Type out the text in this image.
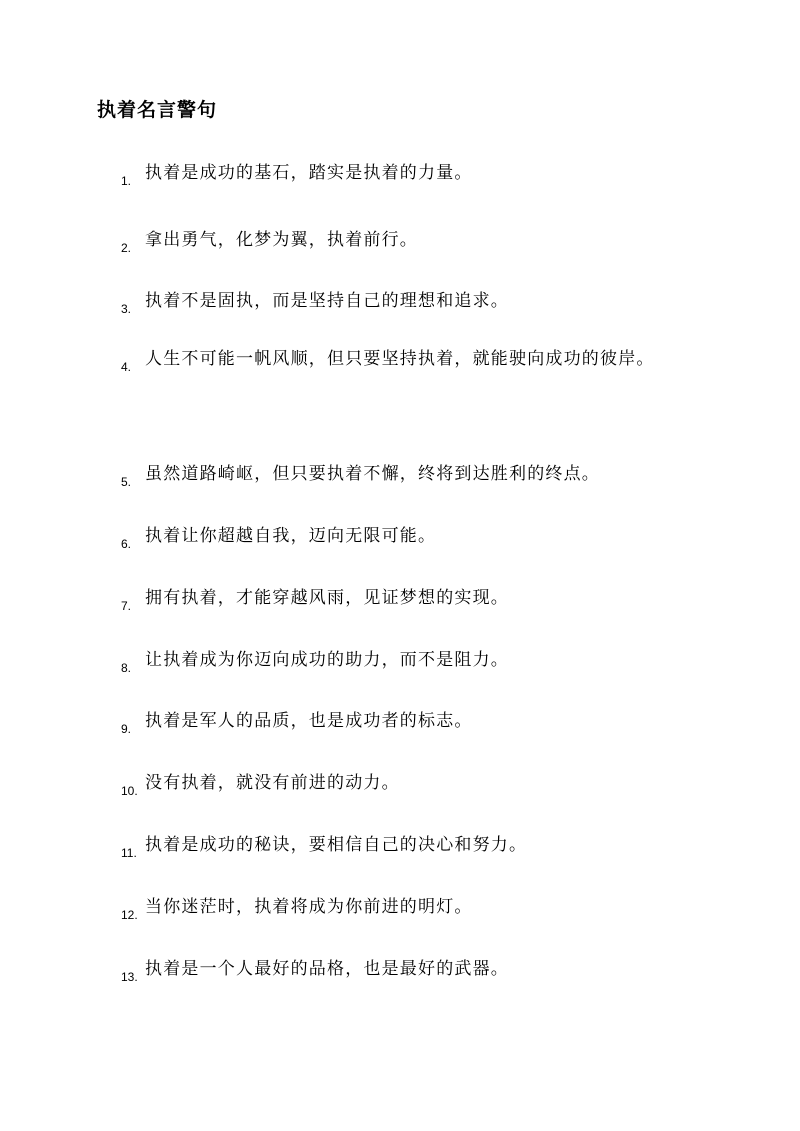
执着名言警句
1. 执着是成功的基石，踏实是执着的力量。

2. 拿出勇气，化梦为翼，执着前行。

3. 执着不是固执，而是坚持自己的理想和追求。

4. 人生不可能一帆风顺，但只要坚持执着，就能驶向成功的彼岸。

5. 虽然道路崎岖，但只要执着不懈，终将到达胜利的终点。

6. 执着让你超越自我，迈向无限可能。

7. 拥有执着，才能穿越风雨，见证梦想的实现。

8. 让执着成为你迈向成功的助力，而不是阻力。

9. 执着是军人的品质，也是成功者的标志。

10. 没有执着，就没有前进的动力。

11. 执着是成功的秘诀，要相信自己的决心和努力。

12. 当你迷茫时，执着将成为你前进的明灯。

13. 执着是一个人最好的品格，也是最好的武器。
